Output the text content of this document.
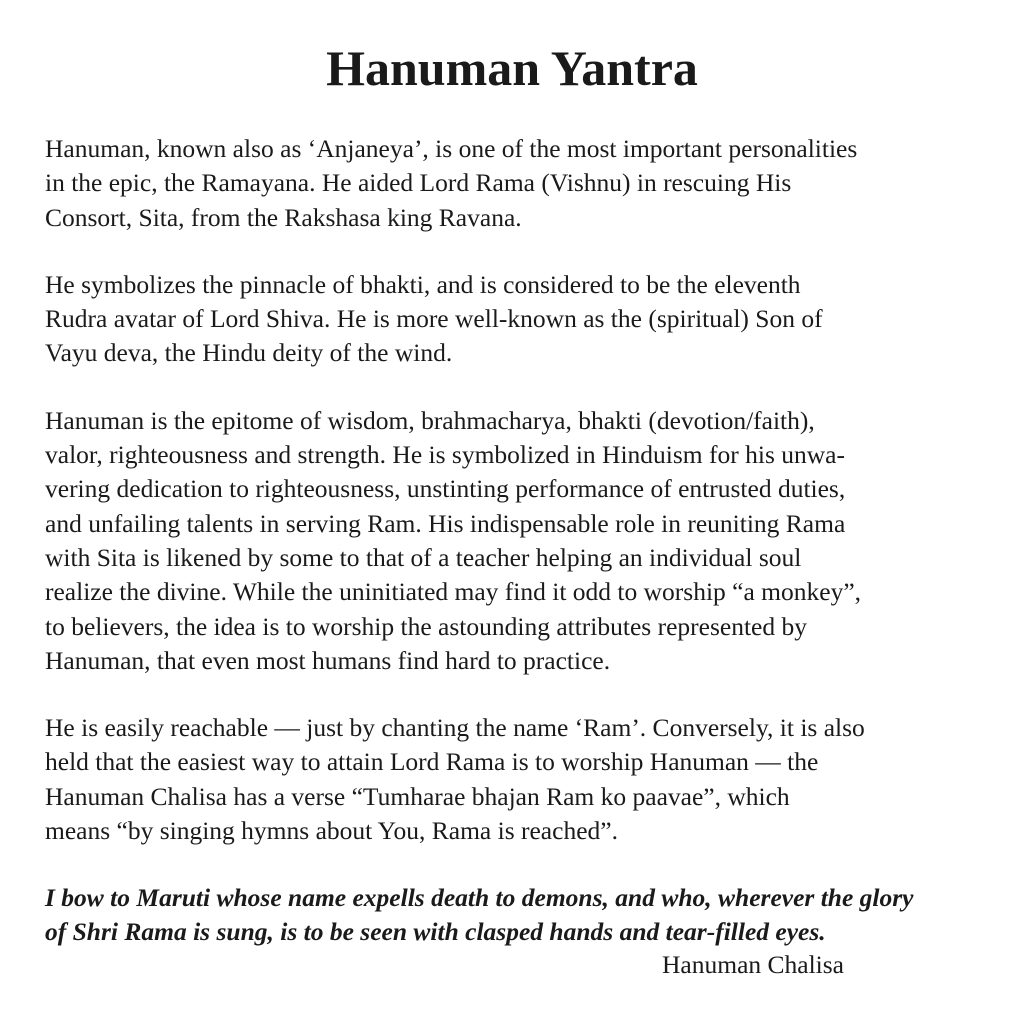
Hanuman Yantra

Hanuman, known also as ‘Anjaneya’, is one of the most important personalities
in the epic, the Ramayana. He aided Lord Rama (Vishnu) in rescuing His
Consort, Sita, from the Rakshasa king Ravana.

He symbolizes the pinnacle of bhakti, and is considered to be the eleventh
Rudra avatar of Lord Shiva. He is more well-known as the (spiritual) Son of
Vayu deva, the Hindu deity of the wind.

Hanuman is the epitome of wisdom, brahmacharya, bhakti (devotion/faith),
valor, righteousness and strength. He is symbolized in Hinduism for his unwa-
vering dedication to righteousness, unstinting performance of entrusted duties,
and unfailing talents in serving Ram. His indispensable role in reuniting Rama
with Sita is likened by some to that of a teacher helping an individual soul
realize the divine. While the uninitiated may find it odd to worship “a monkey”,
to believers, the idea is to worship the astounding attributes represented by
Hanuman, that even most humans find hard to practice.

He is easily reachable — just by chanting the name ‘Ram’. Conversely, it is also
held that the easiest way to attain Lord Rama is to worship Hanuman — the
Hanuman Chalisa has a verse “Tumharae bhajan Ram ko paavae”, which
means “by singing hymns about You, Rama is reached”.

I bow to Maruti whose name expells death to demons, and who, wherever the glory
of Shri Rama is sung, is to be seen with clasped hands and tear-filled eyes.

Hanuman Chalisa
